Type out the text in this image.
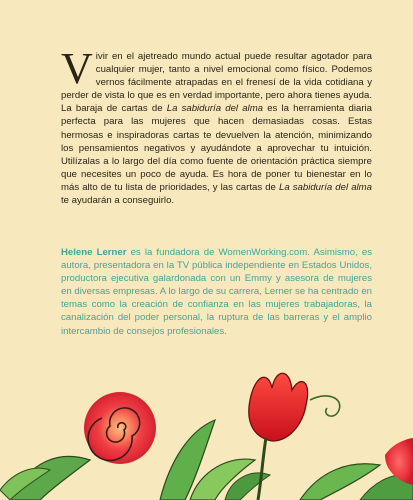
Vivir en el ajetreado mundo actual puede resultar agotador para cualquier mujer, tanto a nivel emocional como físico. Podemos vernos fácilmente atrapadas en el frenesí de la vida cotidiana y perder de vista lo que es en verdad importante, pero ahora tienes ayuda. La baraja de cartas de La sabiduría del alma es la herramienta diaria perfecta para las mujeres que hacen demasiadas cosas. Estas hermosas e inspiradoras cartas te devuelven la atención, minimizando los pensamientos negativos y ayudándote a aprovechar tu intuición. Utilízalas a lo largo del día como fuente de orientación práctica siempre que necesites un poco de ayuda. Es hora de poner tu bienestar en lo más alto de tu lista de prioridades, y las cartas de La sabiduría del alma te ayudarán a conseguirlo.
Helene Lerner es la fundadora de WomenWorking.com. Asimismo, es autora, presentadora en la TV pública independiente en Estados Unidos, productora ejecutiva galardonada con un Emmy y asesora de mujeres en diversas empresas. A lo largo de su carrera, Lerner se ha centrado en temas como la creación de confianza en las mujeres trabajadoras, la canalización del poder personal, la ruptura de las barreras y el amplio intercambio de consejos profesionales.
